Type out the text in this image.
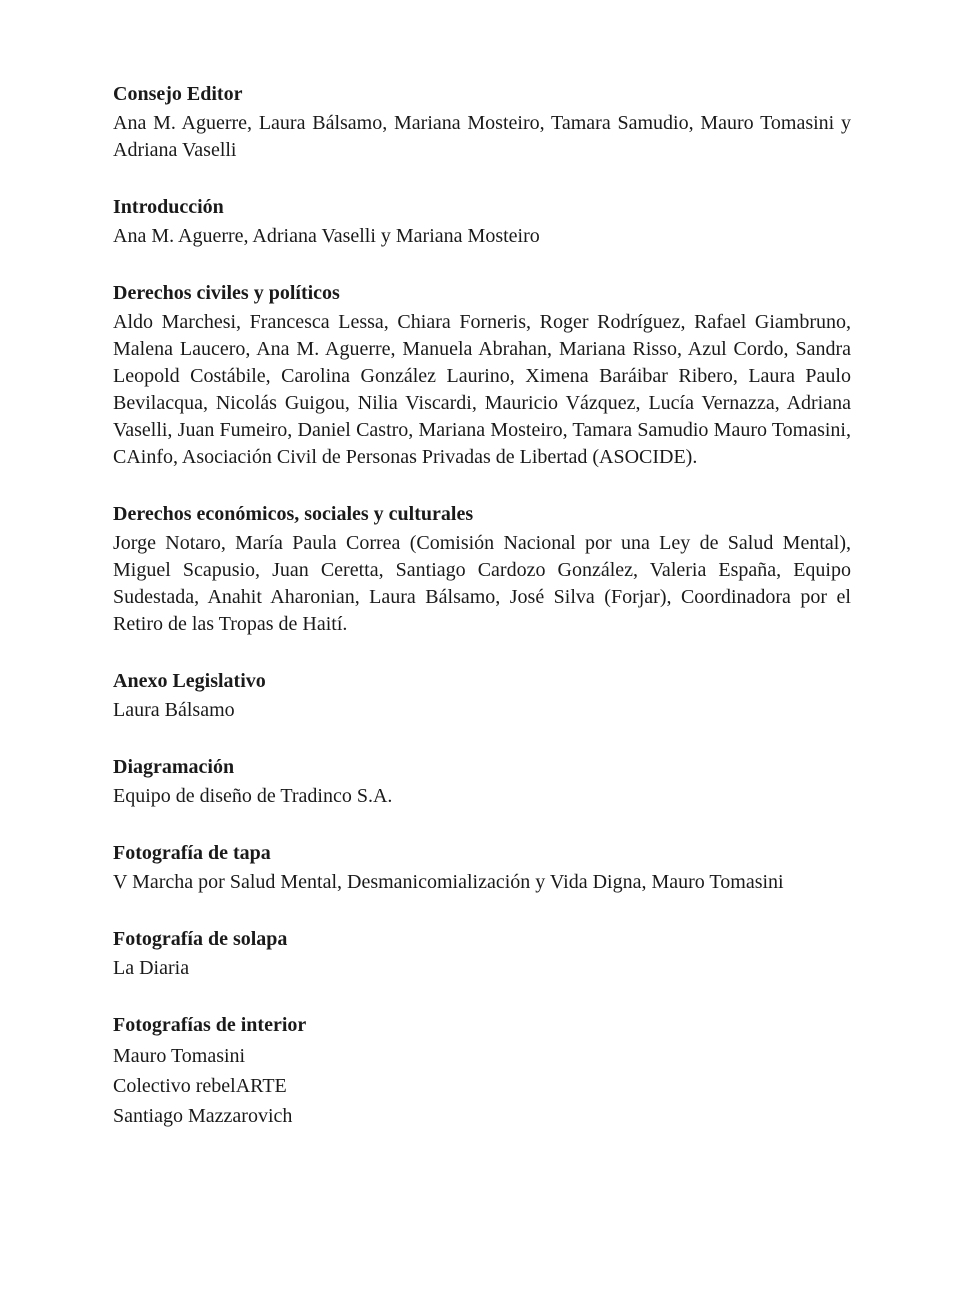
Consejo Editor

Ana M. Aguerre, Laura Bálsamo, Mariana Mosteiro, Tamara Samudio, Mauro Tomasini y Adriana Vaselli

Introducción

Ana M. Aguerre, Adriana Vaselli y Mariana Mosteiro

Derechos civiles y políticos

Aldo Marchesi, Francesca Lessa, Chiara Forneris, Roger Rodríguez, Rafael Giambruno, Malena Laucero, Ana M. Aguerre, Manuela Abrahan, Mariana Risso, Azul Cordo, Sandra Leopold Costábile, Carolina González Laurino, Ximena Baráibar Ribero, Laura Paulo Bevilacqua, Nicolás Guigou, Nilia Viscardi, Mauricio Vázquez, Lucía Vernazza, Adriana Vaselli, Juan Fumeiro, Daniel Castro, Mariana Mosteiro, Tamara Samudio Mauro Tomasini, CAinfo, Asociación Civil de Personas Privadas de Libertad (ASOCIDE).

Derechos económicos, sociales y culturales

Jorge Notaro, María Paula Correa (Comisión Nacional por una Ley de Salud Mental), Miguel Scapusio, Juan Ceretta, Santiago Cardozo González, Valeria España, Equipo Sudestada, Anahit Aharonian, Laura Bálsamo, José Silva (Forjar), Coordinadora por el Retiro de las Tropas de Haití.

Anexo Legislativo

Laura Bálsamo

Diagramación

Equipo de diseño de Tradinco S.A.

Fotografía de tapa

V Marcha por Salud Mental, Desmanicomialización y Vida Digna, Mauro Tomasini

Fotografía de solapa

La Diaria

Fotografías de interior
Mauro Tomasini
Colectivo rebelARTE
Santiago Mazzarovich
